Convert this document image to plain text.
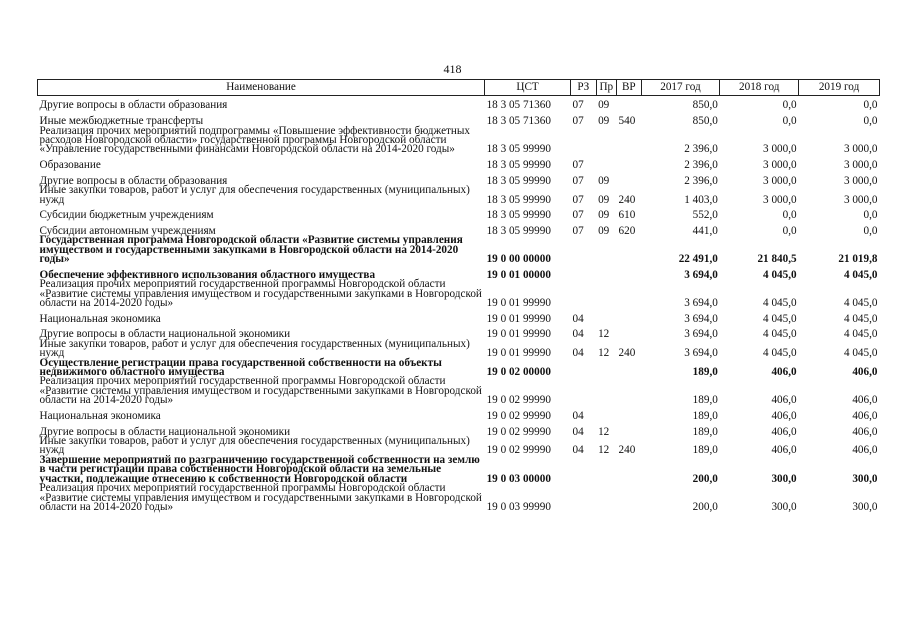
418
Наименование	ЦСТ	РЗ	Пр	ВР	2017 год	2018 год	2019 год
Другие вопросы в области образования	18 3 05 71360	07	09		850,0	0,0	0,0
Иные межбюджетные трансферты	18 3 05 71360	07	09	540	850,0	0,0	0,0
Реализация прочих мероприятий подпрограммы «Повышение эффективности бюджетных расходов Новгородской области» государственной программы Новгородской области «Управление государственными финансами Новгородской области на 2014-2020 годы»	18 3 05 99990				2 396,0	3 000,0	3 000,0
Образование	18 3 05 99990	07			2 396,0	3 000,0	3 000,0
Другие вопросы в области образования	18 3 05 99990	07	09		2 396,0	3 000,0	3 000,0
Иные закупки товаров, работ и услуг для обеспечения государственных (муниципальных) нужд	18 3 05 99990	07	09	240	1 403,0	3 000,0	3 000,0
Субсидии бюджетным учреждениям	18 3 05 99990	07	09	610	552,0	0,0	0,0
Субсидии автономным учреждениям	18 3 05 99990	07	09	620	441,0	0,0	0,0
Государственная программа Новгородской области «Развитие системы управления имуществом и государственными закупками в Новгородской области на 2014-2020 годы»	19 0 00 00000				22 491,0	21 840,5	21 019,8
Обеспечение эффективного использования областного имущества	19 0 01 00000				3 694,0	4 045,0	4 045,0
Реализация прочих мероприятий государственной программы Новгородской области «Развитие системы управления имуществом и государственными закупками в Новгородской области на 2014-2020 годы»	19 0 01 99990				3 694,0	4 045,0	4 045,0
Национальная экономика	19 0 01 99990	04			3 694,0	4 045,0	4 045,0
Другие вопросы в области национальной экономики	19 0 01 99990	04	12		3 694,0	4 045,0	4 045,0
Иные закупки товаров, работ и услуг для обеспечения государственных (муниципальных) нужд	19 0 01 99990	04	12	240	3 694,0	4 045,0	4 045,0
Осуществление регистрации права государственной собственности на объекты недвижимого областного имущества	19 0 02 00000				189,0	406,0	406,0
Реализация прочих мероприятий государственной программы Новгородской области «Развитие системы управления имуществом и государственными закупками в Новгородской области на 2014-2020 годы»	19 0 02 99990				189,0	406,0	406,0
Национальная экономика	19 0 02 99990	04			189,0	406,0	406,0
Другие вопросы в области национальной экономики	19 0 02 99990	04	12		189,0	406,0	406,0
Иные закупки товаров, работ и услуг для обеспечения государственных (муниципальных) нужд	19 0 02 99990	04	12	240	189,0	406,0	406,0
Завершение мероприятий по разграничению государственной собственности на землю в части регистрации права собственности Новгородской области на земельные участки, подлежащие отнесению к собственности Новгородской области	19 0 03 00000				200,0	300,0	300,0
Реализация прочих мероприятий государственной программы Новгородской области «Развитие системы управления имуществом и государственными закупками в Новгородской области на 2014-2020 годы»	19 0 03 99990				200,0	300,0	300,0
